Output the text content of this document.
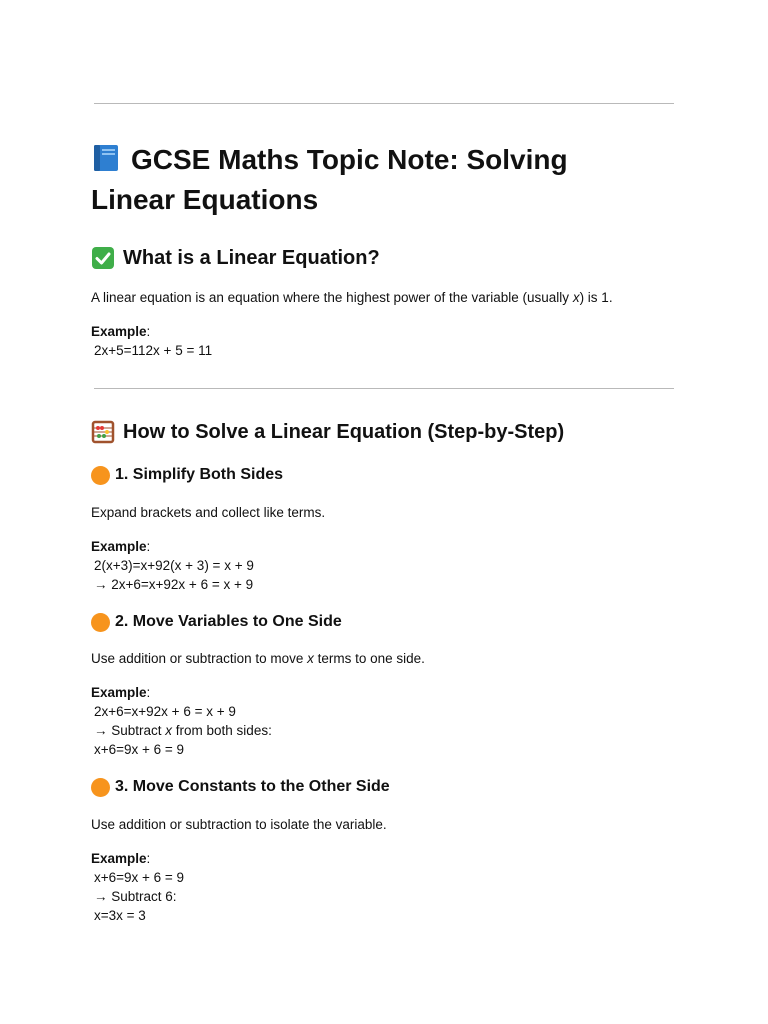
GCSE Maths Topic Note: Solving Linear Equations
What is a Linear Equation?

A linear equation is an equation where the highest power of the variable (usually x) is 1.

Example:
2x+5=112x + 5 = 11
How to Solve a Linear Equation (Step-by-Step)
1. Simplify Both Sides

Expand brackets and collect like terms.

Example:
2(x+3)=x+92(x + 3) = x + 9
→ 2x+6=x+92x + 6 = x + 9
2. Move Variables to One Side

Use addition or subtraction to move x terms to one side.

Example:
2x+6=x+92x + 6 = x + 9
→ Subtract x from both sides:
x+6=9x + 6 = 9
3. Move Constants to the Other Side

Use addition or subtraction to isolate the variable.

Example:
x+6=9x + 6 = 9
→ Subtract 6:
x=3x = 3
